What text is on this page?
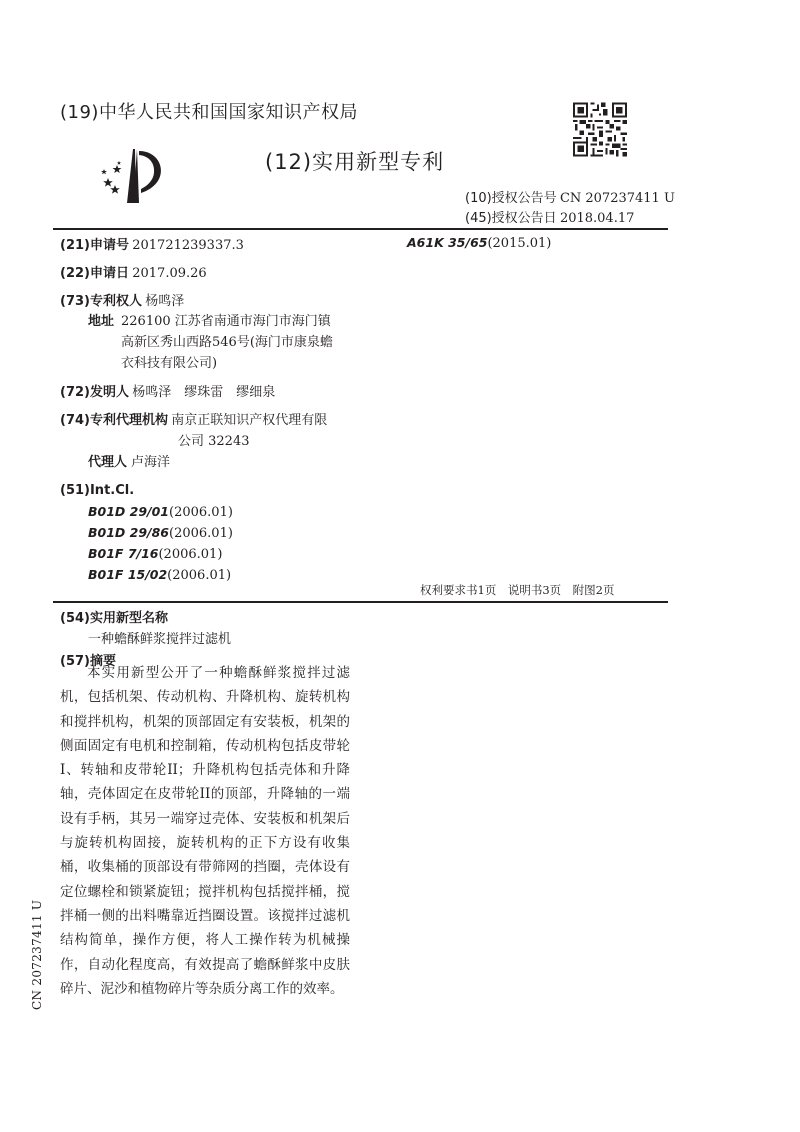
(19)中华人民共和国国家知识产权局
(12)实用新型专利
(10)授权公告号 CN 207237411 U
(45)授权公告日 2018.04.17
(21)申请号 201721239337.3	A61K 35/65(2015.01)
(22)申请日 2017.09.26
(73)专利权人 杨鸣泽
地址 226100 江苏省南通市海门市海门镇
高新区秀山西路546号(海门市康泉蟾
衣科技有限公司)
(72)发明人 杨鸣泽　缪珠雷　缪细泉
(74)专利代理机构 南京正联知识产权代理有限
公司 32243
代理人 卢海洋
(51)Int.Cl.
B01D 29/01(2006.01)
B01D 29/86(2006.01)
B01F 7/16(2006.01)
B01F 15/02(2006.01)
权利要求书1页　说明书3页　附图2页
(54)实用新型名称
一种蟾酥鲜浆搅拌过滤机
(57)摘要
本实用新型公开了一种蟾酥鲜浆搅拌过滤机，包括机架、传动机构、升降机构、旋转机构和搅拌机构，机架的顶部固定有安装板，机架的侧面固定有电机和控制箱，传动机构包括皮带轮I、转轴和皮带轮II；升降机构包括壳体和升降轴，壳体固定在皮带轮II的顶部，升降轴的一端设有手柄，其另一端穿过壳体、安装板和机架后与旋转机构固接，旋转机构的正下方设有收集桶，收集桶的顶部设有带筛网的挡圈，壳体设有定位螺栓和锁紧旋钮；搅拌机构包括搅拌桶，搅拌桶一侧的出料嘴靠近挡圈设置。该搅拌过滤机结构简单，操作方便，将人工操作转为机械操作，自动化程度高，有效提高了蟾酥鲜浆中皮肤碎片、泥沙和植物碎片等杂质分离工作的效率。
CN 207237411 U
